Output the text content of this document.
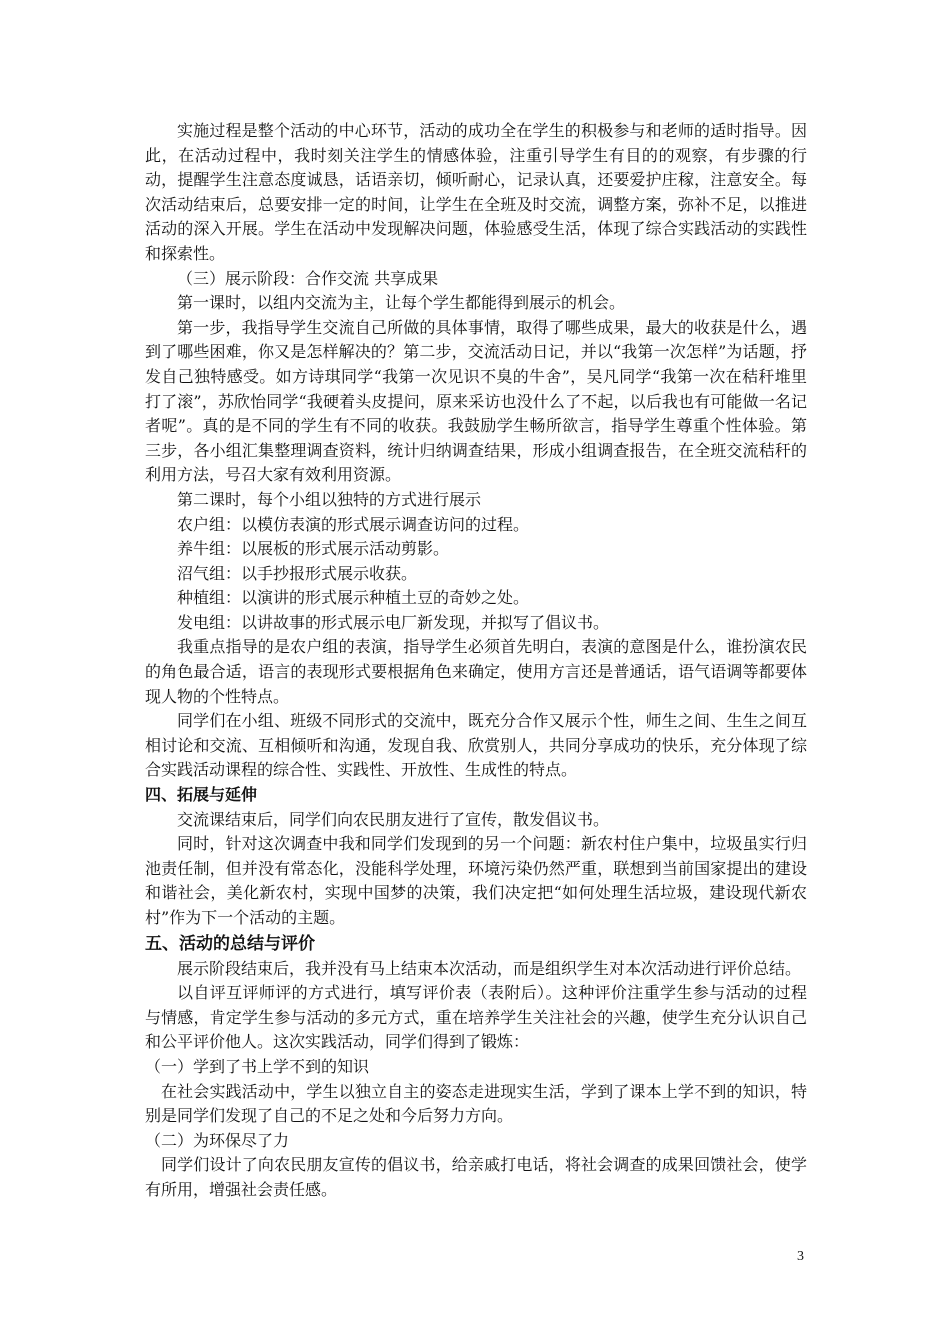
实施过程是整个活动的中心环节，活动的成功全在学生的积极参与和老师的适时指导。因此，在活动过程中，我时刻关注学生的情感体验，注重引导学生有目的的观察，有步骤的行动，提醒学生注意态度诚恳，话语亲切，倾听耐心，记录认真，还要爱护庄稼，注意安全。每次活动结束后，总要安排一定的时间，让学生在全班及时交流，调整方案，弥补不足，以推进活动的深入开展。学生在活动中发现解决问题，体验感受生活，体现了综合实践活动的实践性和探索性。

（三）展示阶段：合作交流 共享成果

第一课时，以组内交流为主，让每个学生都能得到展示的机会。

第一步，我指导学生交流自己所做的具体事情，取得了哪些成果，最大的收获是什么，遇到了哪些困难，你又是怎样解决的？第二步，交流活动日记，并以“我第一次怎样”为话题，抒发自己独特感受。如方诗琪同学“我第一次见识不臭的牛舍”，吴凡同学“我第一次在秸秆堆里打了滚”，苏欣怡同学“我硬着头皮提问，原来采访也没什么了不起，以后我也有可能做一名记者呢”。真的是不同的学生有不同的收获。我鼓励学生畅所欲言，指导学生尊重个性体验。第三步，各小组汇集整理调查资料，统计归纳调查结果，形成小组调查报告，在全班交流秸秆的利用方法，号召大家有效利用资源。

第二课时，每个小组以独特的方式进行展示

农户组：以模仿表演的形式展示调查访问的过程。

养牛组：以展板的形式展示活动剪影。

沼气组：以手抄报形式展示收获。

种植组：以演讲的形式展示种植土豆的奇妙之处。

发电组：以讲故事的形式展示电厂新发现，并拟写了倡议书。

我重点指导的是农户组的表演，指导学生必须首先明白，表演的意图是什么，谁扮演农民的角色最合适，语言的表现形式要根据角色来确定，使用方言还是普通话，语气语调等都要体现人物的个性特点。

同学们在小组、班级不同形式的交流中，既充分合作又展示个性，师生之间、生生之间互相讨论和交流、互相倾听和沟通，发现自我、欣赏别人，共同分享成功的快乐，充分体现了综合实践活动课程的综合性、实践性、开放性、生成性的特点。

四、拓展与延伸

交流课结束后，同学们向农民朋友进行了宣传，散发倡议书。

同时，针对这次调查中我和同学们发现到的另一个问题：新农村住户集中，垃圾虽实行归池责任制，但并没有常态化，没能科学处理，环境污染仍然严重，联想到当前国家提出的建设和谐社会，美化新农村，实现中国梦的决策，我们决定把“如何处理生活垃圾，建设现代新农村”作为下一个活动的主题。

五、活动的总结与评价

展示阶段结束后，我并没有马上结束本次活动，而是组织学生对本次活动进行评价总结。

以自评互评师评的方式进行，填写评价表（表附后）。这种评价注重学生参与活动的过程与情感，肯定学生参与活动的多元方式，重在培养学生关注社会的兴趣，使学生充分认识自己和公平评价他人。这次实践活动，同学们得到了锻炼：

（一）学到了书上学不到的知识

在社会实践活动中，学生以独立自主的姿态走进现实生活，学到了课本上学不到的知识，特别是同学们发现了自己的不足之处和今后努力方向。

（二）为环保尽了力

同学们设计了向农民朋友宣传的倡议书，给亲戚打电话，将社会调查的成果回馈社会，使学有所用，增强社会责任感。

3
